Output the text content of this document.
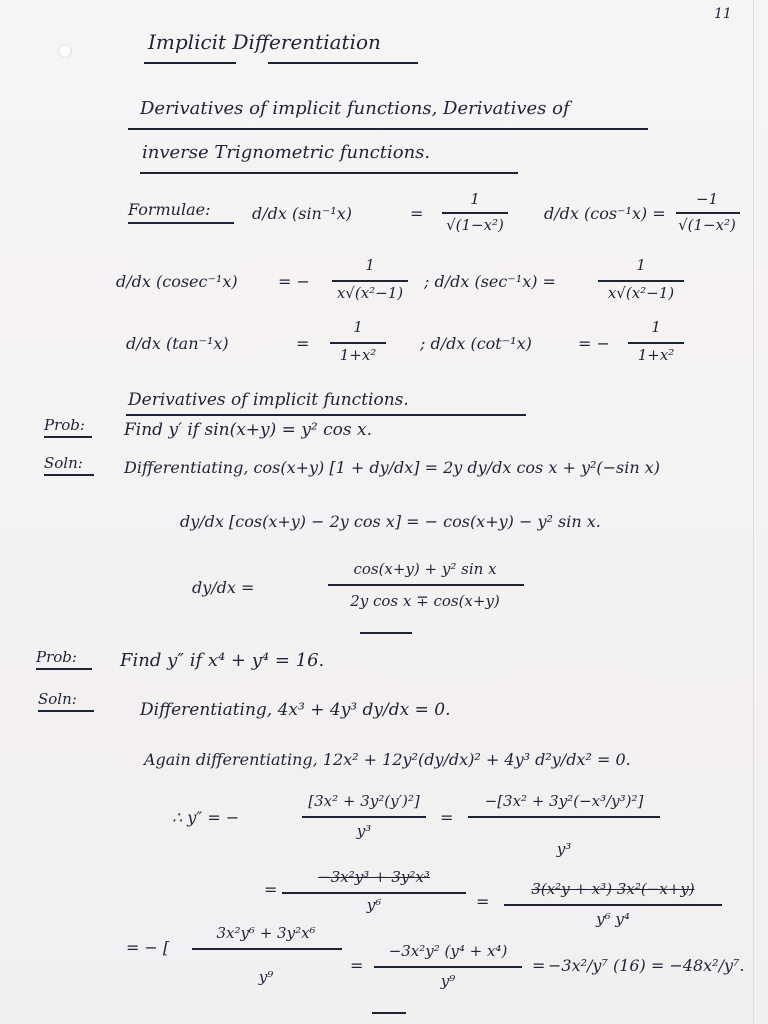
11
Implicit Differentiation
Derivatives of implicit functions, Derivatives of
inverse Trignometric functions.
Formulae:	d/dx (sin⁻¹x)	=
1
√(1−x²)
d/dx (cos⁻¹x) =
−1
√(1−x²)
d/dx (cosec⁻¹x)	= −
1
x√(x²−1)
; d/dx (sec⁻¹x) =
1
x√(x²−1)
d/dx (tan⁻¹x)	=
1
1+x²
; d/dx (cot⁻¹x)	= −
1
1+x²
Derivatives of implicit functions.
Prob: Find y′ if sin(x+y) = y² cos x.
Soln:	Differentiating, cos(x+y) [1 + dy/dx] = 2y dy/dx cos x + y²(−sin x)
dy/dx [cos(x+y) − 2y cos x] = − cos(x+y) − y² sin x.
dy/dx =
cos(x+y) + y² sin x
2y cos x ∓ cos(x+y)
Prob: Find y″ if x⁴ + y⁴ = 16.
Soln:
Differentiating, 4x³ + 4y³ dy/dx = 0.
Again differentiating, 12x² + 12y²(dy/dx)² + 4y³ d²y/dx² = 0.
∴ y″ = −
[3x² + 3y²(y′)²]
y³
=
−[3x² + 3y²(−x³/y³)²]
y³
=
−3x²y³ + 3y²x³
y⁶	=
3(x²y + x³) 3x²(−x+y)
y⁶ y⁴
= − [
3x²y⁶ + 3y²x⁶
y⁹
=
−3x²y² (y⁴ + x⁴)
y⁹
= −3x²/y⁷ (16) = −48x²/y⁷.
